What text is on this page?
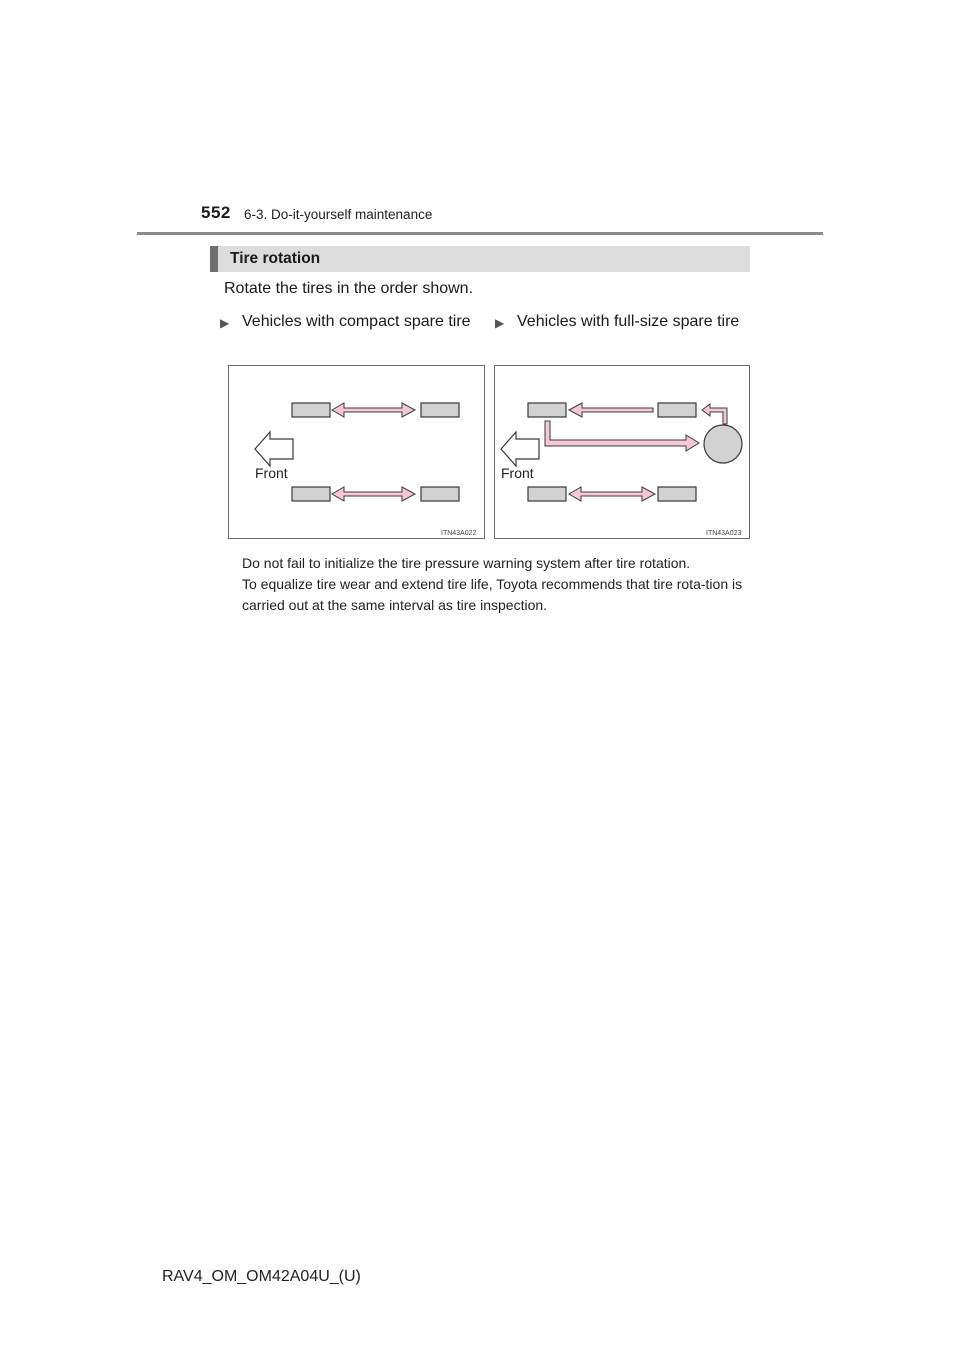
552 6-3. Do-it-yourself maintenance
Tire rotation
Rotate the tires in the order shown.
▶ Vehicles with compact spare tire ▶ Vehicles with full-size spare tire
Front
ITN43A022
Front
ITN43A023

Do not fail to initialize the tire pressure warning system after tire rotation.

To equalize tire wear and extend tire life, Toyota recommends that tire rota-tion is carried out at the same interval as tire inspection.

RAV4_OM_OM42A04U_(U)
